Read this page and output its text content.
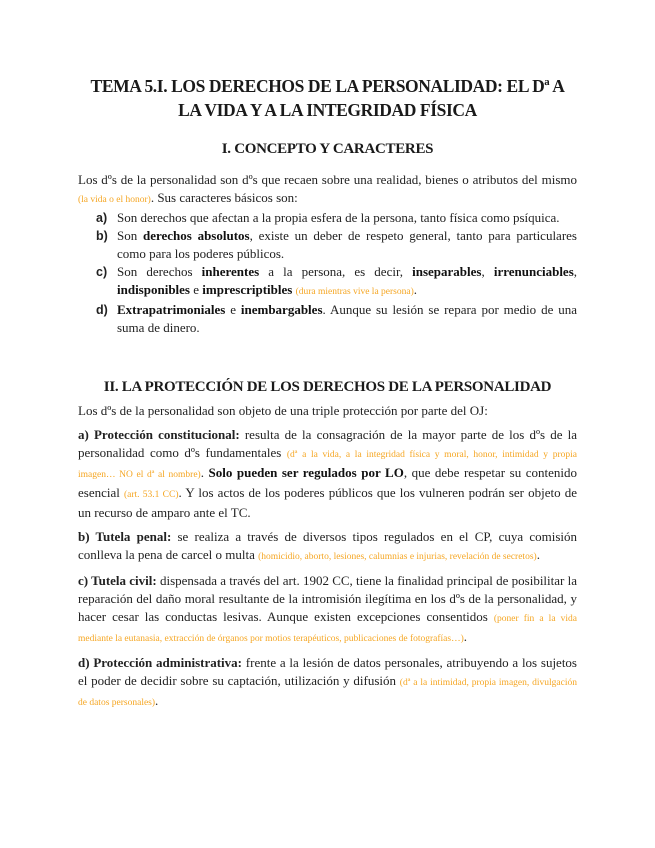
TEMA 5.I. LOS DERECHOS DE LA PERSONALIDAD: EL Dª A LA VIDA Y A LA INTEGRIDAD FÍSICA
I. CONCEPTO Y CARACTERES

Los dºs de la personalidad son dºs que recaen sobre una realidad, bienes o atributos del mismo (la vida o el honor). Sus caracteres básicos son:

a) Son derechos que afectan a la propia esfera de la persona, tanto física como psíquica.

b) Son derechos absolutos, existe un deber de respeto general, tanto para particulares como para los poderes públicos.

c) Son derechos inherentes a la persona, es decir, inseparables, irrenunciables, indisponibles e imprescriptibles (dura mientras vive la persona).

d) Extrapatrimoniales e inembargables. Aunque su lesión se repara por medio de una suma de dinero.

II. LA PROTECCIÓN DE LOS DERECHOS DE LA PERSONALIDAD

Los dºs de la personalidad son objeto de una triple protección por parte del OJ:

a) Protección constitucional: resulta de la consagración de la mayor parte de los dºs de la personalidad como dºs fundamentales (dª a la vida, a la integridad física y moral, honor, intimidad y propia imagen… NO el dª al nombre). Solo pueden ser regulados por LO, que debe respetar su contenido esencial (art. 53.1 CC). Y los actos de los poderes públicos que los vulneren podrán ser objeto de un recurso de amparo ante el TC.

b) Tutela penal: se realiza a través de diversos tipos regulados en el CP, cuya comisión conlleva la pena de carcel o multa (homicidio, aborto, lesiones, calumnias e injurias, revelación de secretos).

c) Tutela civil: dispensada a través del art. 1902 CC, tiene la finalidad principal de posibilitar la reparación del daño moral resultante de la intromisión ilegítima en los dºs de la personalidad, y hacer cesar las conductas lesivas. Aunque existen excepciones consentidos (poner fin a la vida mediante la eutanasia, extracción de órganos por motios terapéuticos, publicaciones de fotografías…).

d) Protección administrativa: frente a la lesión de datos personales, atribuyendo a los sujetos el poder de decidir sobre su captación, utilización y difusión (dª a la intimidad, propia imagen, divulgación de datos personales).
